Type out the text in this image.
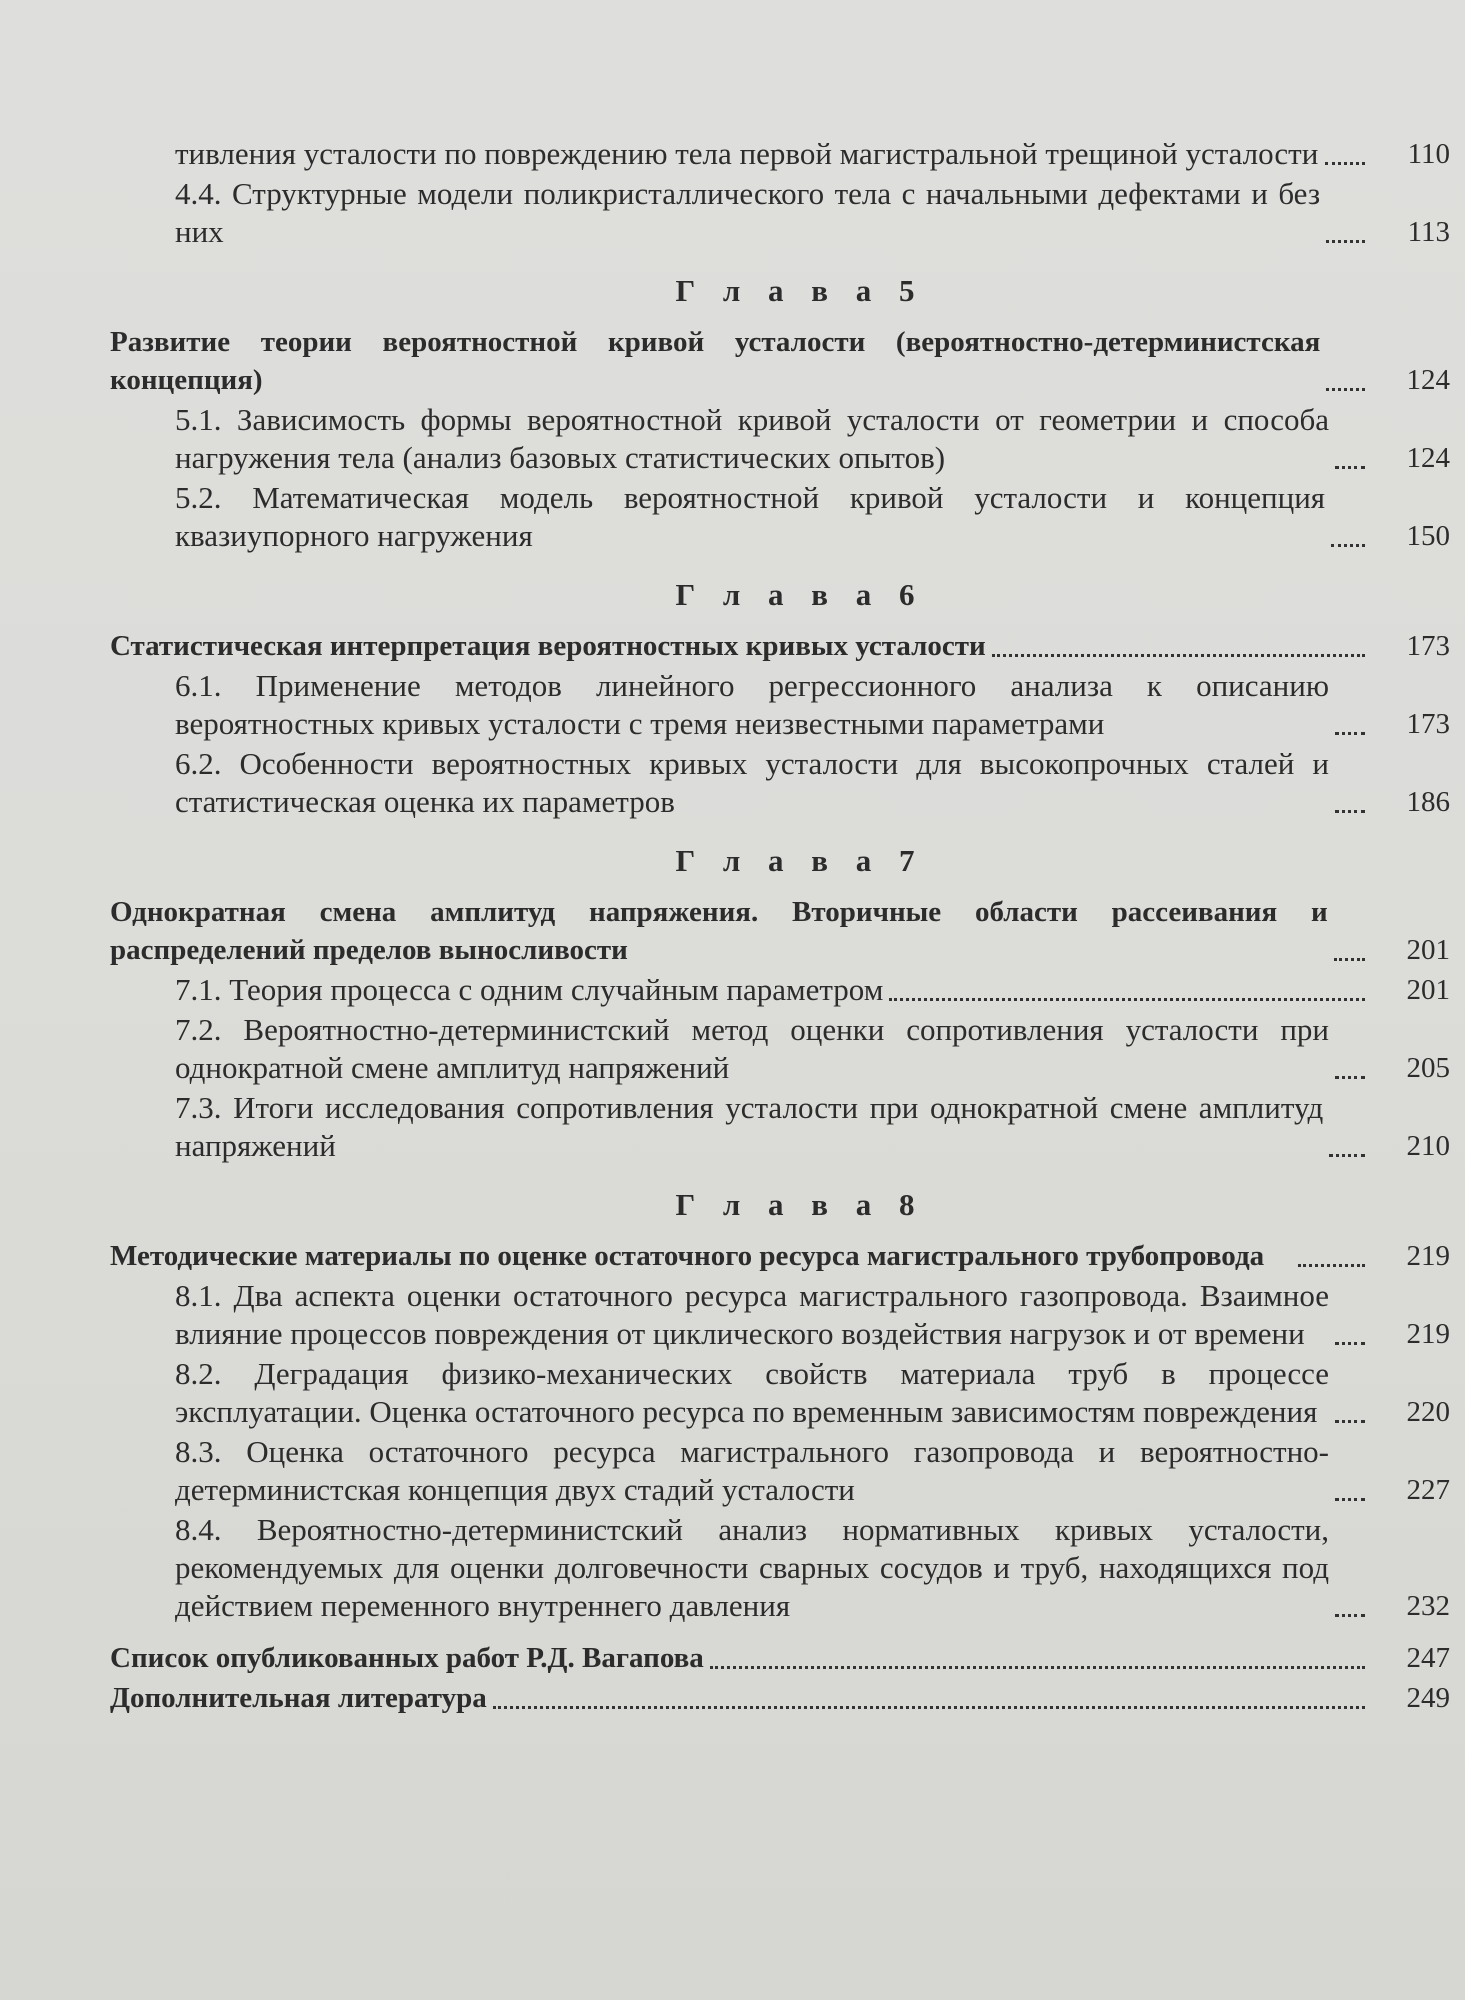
тивления усталости по повреждению тела первой магистральной трещиной усталости	110
4.4. Структурные модели поликристаллического тела с начальными дефектами и без них	113
Г л а в а 5
Развитие теории вероятностной кривой усталости (вероятностно-детерминистская концепция)	124
5.1. Зависимость формы вероятностной кривой усталости от геометрии и способа нагружения тела (анализ базовых статистических опытов)	124
5.2. Математическая модель вероятностной кривой усталости и концепция квазиупорного нагружения	150
Г л а в а 6
Статистическая интерпретация вероятностных кривых усталости	173
6.1. Применение методов линейного регрессионного анализа к описанию вероятностных кривых усталости с тремя неизвестными параметрами	173
6.2. Особенности вероятностных кривых усталости для высокопрочных сталей и статистическая оценка их параметров	186
Г л а в а 7
Однократная смена амплитуд напряжения. Вторичные области рассеивания и распределений пределов выносливости	201
7.1. Теория процесса с одним случайным параметром	201
7.2. Вероятностно-детерминистский метод оценки сопротивления усталости при однократной смене амплитуд напряжений	205
7.3. Итоги исследования сопротивления усталости при однократной смене амплитуд напряжений	210
Г л а в а 8
Методические материалы по оценке остаточного ресурса магистрального трубопровода	219
8.1. Два аспекта оценки остаточного ресурса магистрального газопровода. Взаимное влияние процессов повреждения от циклического воздействия нагрузок и от времени	219
8.2. Деградация физико-механических свойств материала труб в процессе эксплуатации. Оценка остаточного ресурса по временным зависимостям повреждения	220
8.3. Оценка остаточного ресурса магистрального газопровода и вероятностно-детерминистская концепция двух стадий усталости	227
8.4. Вероятностно-детерминистский анализ нормативных кривых усталости, рекомендуемых для оценки долговечности сварных сосудов и труб, находящихся под действием переменного внутреннего давления	232
Список опубликованных работ Р.Д. Вагапова	247
Дополнительная литература	249
